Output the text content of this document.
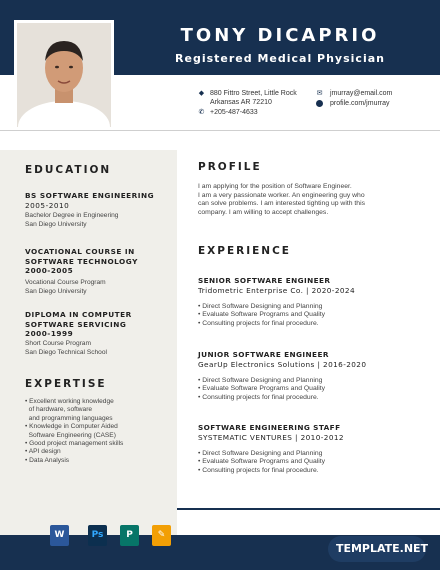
TONY DICAPRIO
Registered Medical Physician
◆ 880 Fittro Street, Little Rock
Arkansas AR 72210
✆ +205-487-4633
✉ jmurray@email.com
profile.com/jmurray
EDUCATION
BS SOFTWARE ENGINEERING
2005-2010
Bachelor Degree in Engineering
San Diego University
VOCATIONAL COURSE IN
SOFTWARE TECHNOLOGY
2000-2005
Vocational Course Program
San Diego University
DIPLOMA IN COMPUTER
SOFTWARE SERVICING
2000-1999
Short Course Program
San Diego Technical School
EXPERTISE
• Excellent working knowledge
of hardware, software
and programming languages
• Knowledge in Computer Aided
Software Engineering (CASE)
• Good project management skills
• API design
• Data Analysis
PROFILE
I am applying for the position of Software Engineer.
I am a very passionate worker. An engineering guy who
can solve problems. I am interested tighting up with this
company. I am willing to accept challenges.
EXPERIENCE
SENIOR SOFTWARE ENGINEER
Tridometric Enterprise Co. | 2020-2024
• Direct Software Designing and Planning
• Evaluate Software Programs and Quality
• Consulting projects for final procedure.
JUNIOR SOFTWARE ENGINEER
GearUp Electronics Solutions | 2016-2020
• Direct Software Designing and Planning
• Evaluate Software Programs and Quality
• Consulting projects for final procedure.
SOFTWARE ENGINEERING STAFF
SYSTEMATIC VENTURES | 2010-2012
• Direct Software Designing and Planning
• Evaluate Software Programs and Quality
• Consulting projects for final procedure.
W	Ps	P	✎
TEMPLATE.NET
